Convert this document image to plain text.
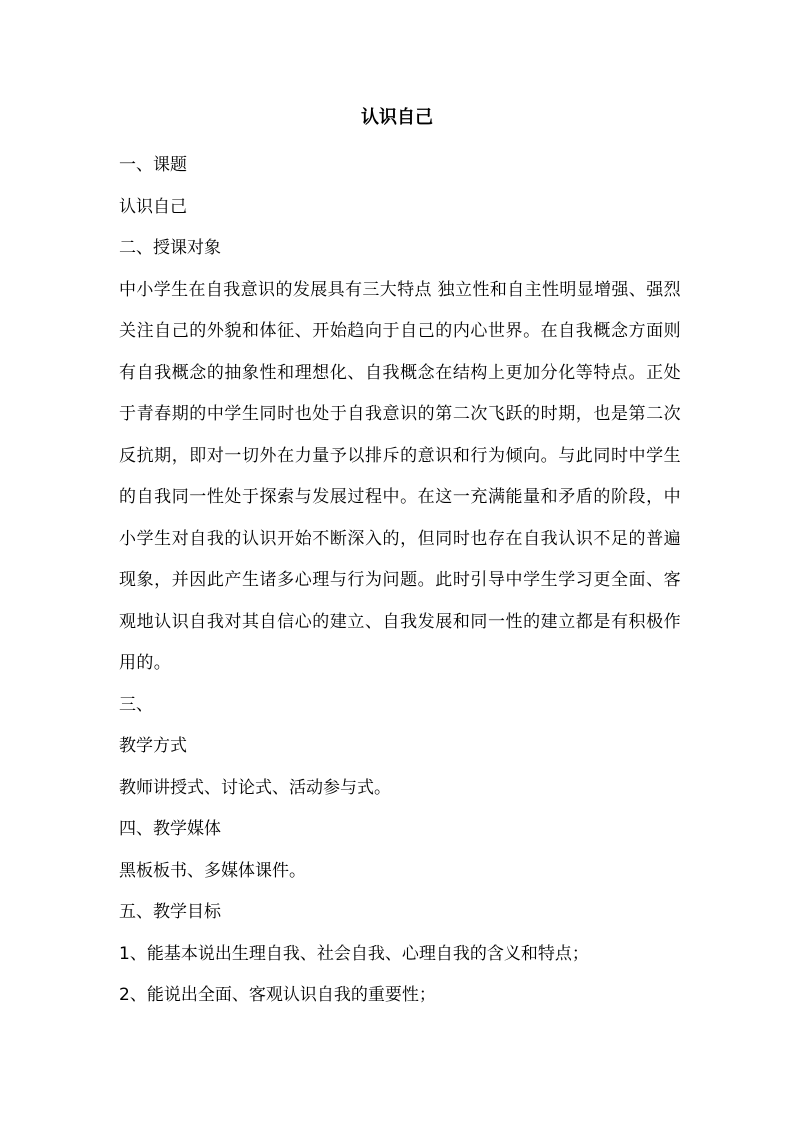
认识自己

一、课题

认识自己

二、授课对象

中小学生在自我意识的发展具有三大特点 独立性和自主性明显增强、强烈关注自己的外貌和体征、开始趋向于自己的内心世界。在自我概念方面则有自我概念的抽象性和理想化、自我概念在结构上更加分化等特点。正处于青春期的中学生同时也处于自我意识的第二次飞跃的时期，也是第二次反抗期，即对一切外在力量予以排斥的意识和行为倾向。与此同时中学生的自我同一性处于探索与发展过程中。在这一充满能量和矛盾的阶段，中小学生对自我的认识开始不断深入的，但同时也存在自我认识不足的普遍现象，并因此产生诸多心理与行为问题。此时引导中学生学习更全面、客观地认识自我对其自信心的建立、自我发展和同一性的建立都是有积极作用的。

三、

教学方式

教师讲授式、讨论式、活动参与式。

四、教学媒体

黑板板书、多媒体课件。

五、教学目标

1、能基本说出生理自我、社会自我、心理自我的含义和特点；

2、能说出全面、客观认识自我的重要性；
